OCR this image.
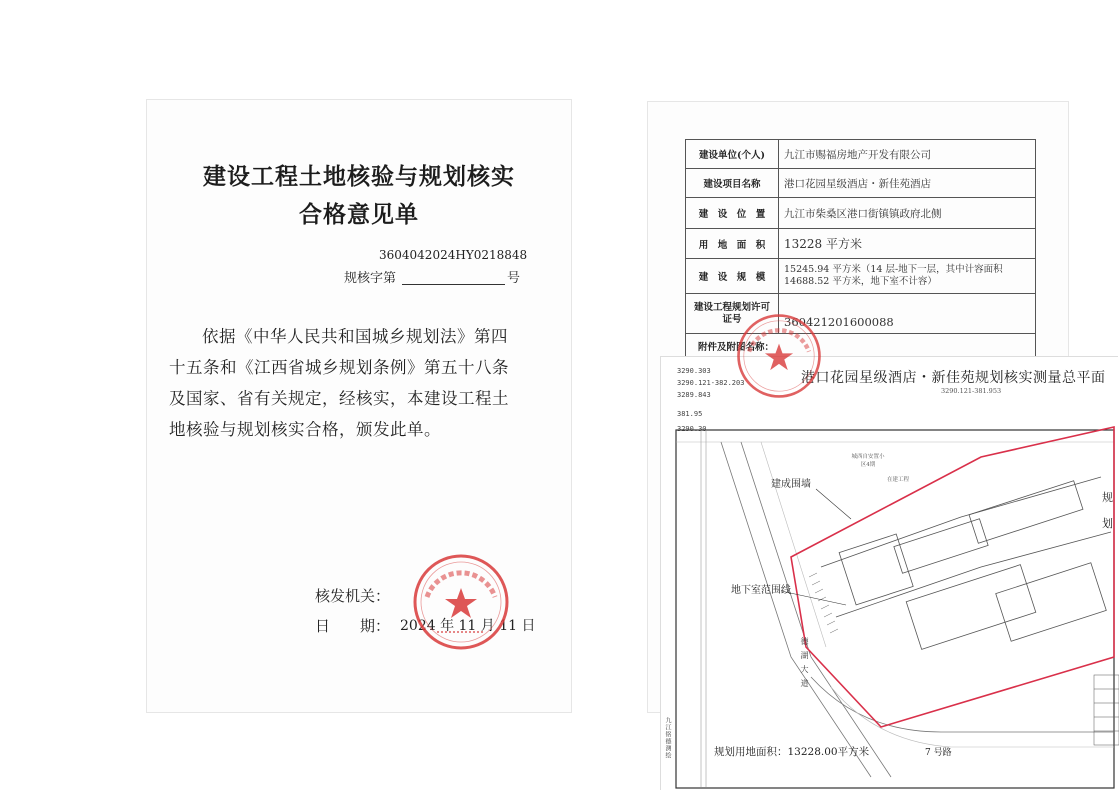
建设工程土地核验与规划核实
合格意见单
3604042024HY0218848
规核字第	号
依据《中华人民共和国城乡规划法》第四
十五条和《江西省城乡规划条例》第五十八条
及国家、省有关规定，经核实，本建设工程土
地核验与规划核实合格，颁发此单。
核发机关：
日　　期： 2024 年 11 月 11 日
建设单位(个人)	九江市赐福房地产开发有限公司
建设项目名称	港口花园星级酒店・新佳苑酒店
建　设　位　置	九江市柴桑区港口街镇镇政府北侧
用　地　面　积	13228 平方米
建　设　规　模	15245.94 平方米（14 层-地下一层，其中计容面积 14688.52 平方米，地下室不计容）
建设工程规划许可证号	360421201600088
附件及附图名称：	
3290.303
3290.121-382.203
3289.843
381.95
3290.30
港口花园星级酒店・新佳苑规划核实测量总平面
3290.121-381.953
建成围墙
地下室范围线
城西自安置小区4期
在建工程
德湖大道
7 号路
九江铭德测绘	规划用地面积：13228.00平方米
规
划
